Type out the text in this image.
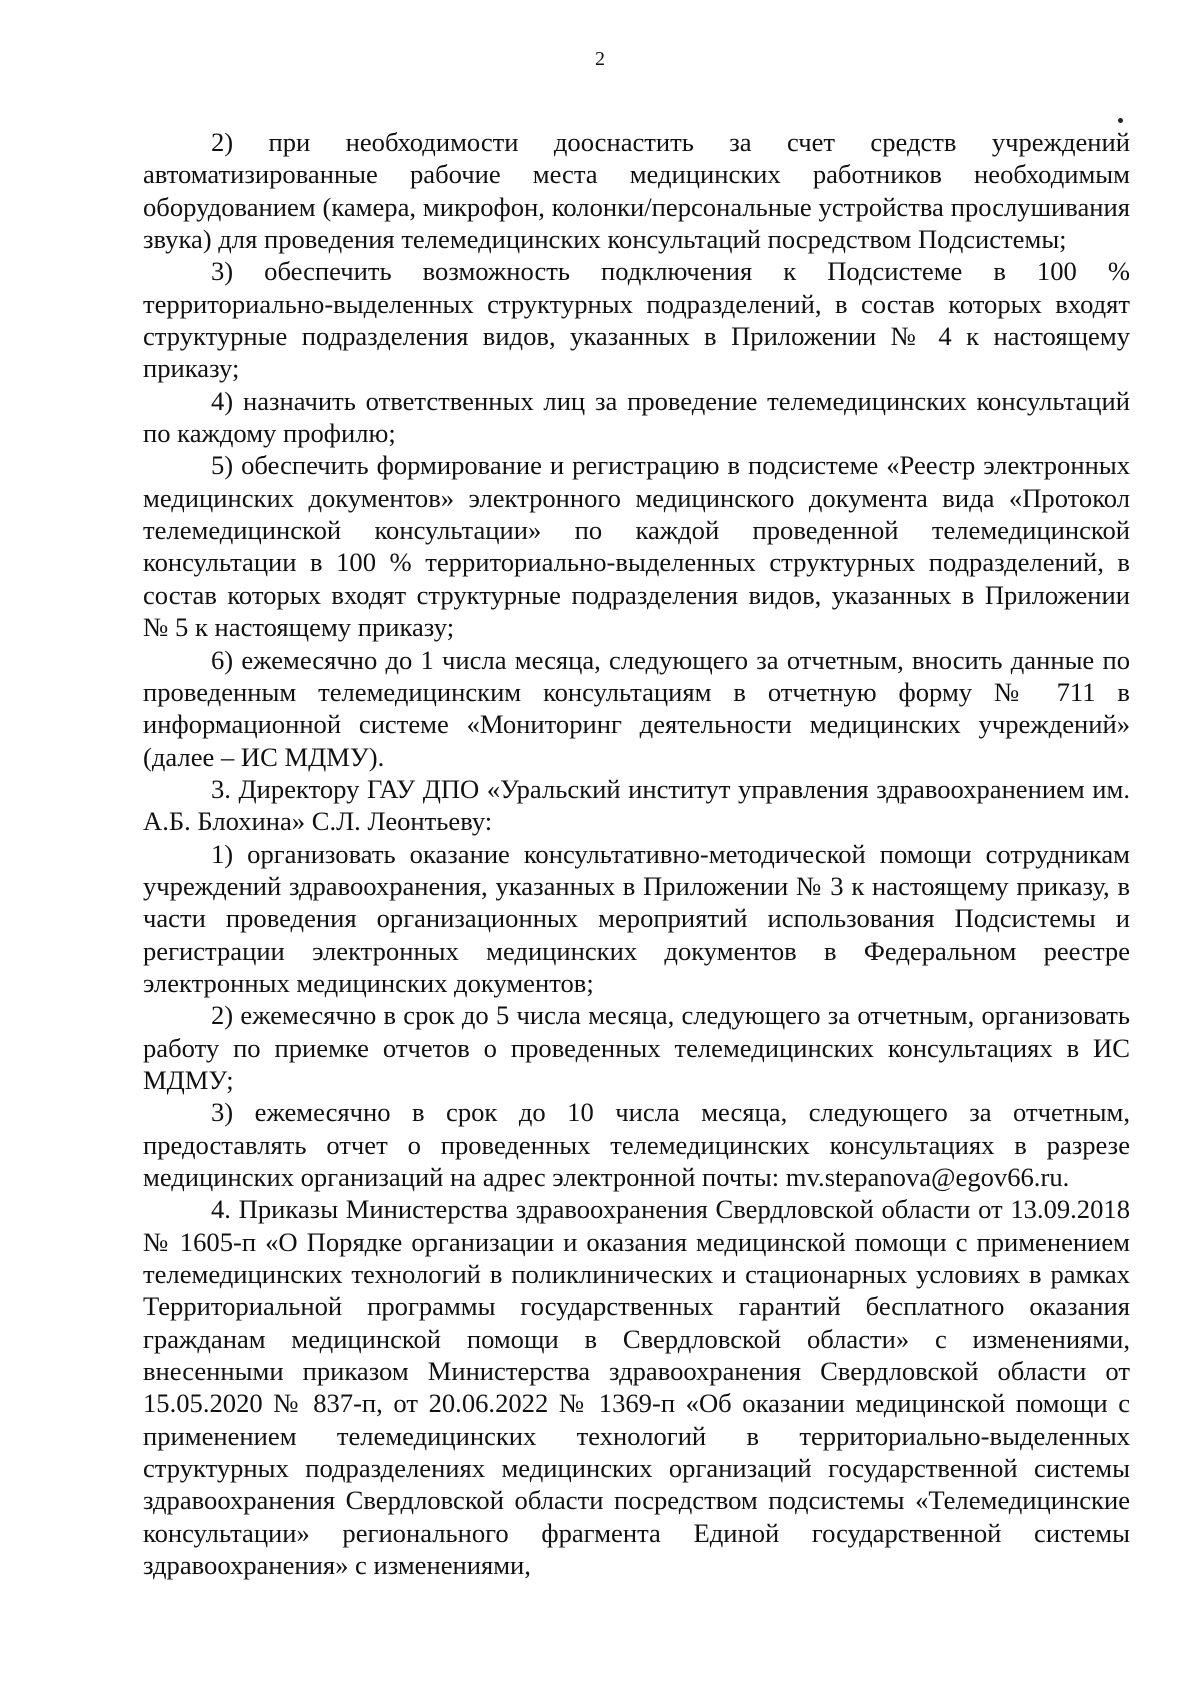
2

2) при необходимости дооснастить за счет средств учреждений автоматизированные рабочие места медицинских работников необходимым оборудованием (камера, микрофон, колонки/персональные устройства прослушивания звука) для проведения телемедицинских консультаций посредством Подсистемы;

3) обеспечить возможность подключения к Подсистеме в 100 % территориально-выделенных структурных подразделений, в состав которых входят структурные подразделения видов, указанных в Приложении № 4 к настоящему приказу;

4) назначить ответственных лиц за проведение телемедицинских консультаций по каждому профилю;

5) обеспечить формирование и регистрацию в подсистеме «Реестр электронных медицинских документов» электронного медицинского документа вида «Протокол телемедицинской консультации» по каждой проведенной телемедицинской консультации в 100 % территориально-выделенных структурных подразделений, в состав которых входят структурные подразделения видов, указанных в Приложении № 5 к настоящему приказу;

6) ежемесячно до 1 числа месяца, следующего за отчетным, вносить данные по проведенным телемедицинским консультациям в отчетную форму № 711 в информационной системе «Мониторинг деятельности медицинских учреждений» (далее – ИС МДМУ).

3. Директору ГАУ ДПО «Уральский институт управления здравоохранением им. А.Б. Блохина» С.Л. Леонтьеву:

1) организовать оказание консультативно-методической помощи сотрудникам учреждений здравоохранения, указанных в Приложении № 3 к настоящему приказу, в части проведения организационных мероприятий использования Подсистемы и регистрации электронных медицинских документов в Федеральном реестре электронных медицинских документов;

2) ежемесячно в срок до 5 числа месяца, следующего за отчетным, организовать работу по приемке отчетов о проведенных телемедицинских консультациях в ИС МДМУ;

3) ежемесячно в срок до 10 числа месяца, следующего за отчетным, предоставлять отчет о проведенных телемедицинских консультациях в разрезе медицинских организаций на адрес электронной почты: mv.stepanova@egov66.ru.

4. Приказы Министерства здравоохранения Свердловской области от 13.09.2018 № 1605-п «О Порядке организации и оказания медицинской помощи с применением телемедицинских технологий в поликлинических и стационарных условиях в рамках Территориальной программы государственных гарантий бесплатного оказания гражданам медицинской помощи в Свердловской области» с изменениями, внесенными приказом Министерства здравоохранения Свердловской области от 15.05.2020 № 837-п, от 20.06.2022 № 1369-п «Об оказании медицинской помощи с применением телемедицинских технологий в территориально-выделенных структурных подразделениях медицинских организаций государственной системы здравоохранения Свердловской области посредством подсистемы «Телемедицинские консультации» регионального фрагмента Единой государственной системы здравоохранения» с изменениями,
